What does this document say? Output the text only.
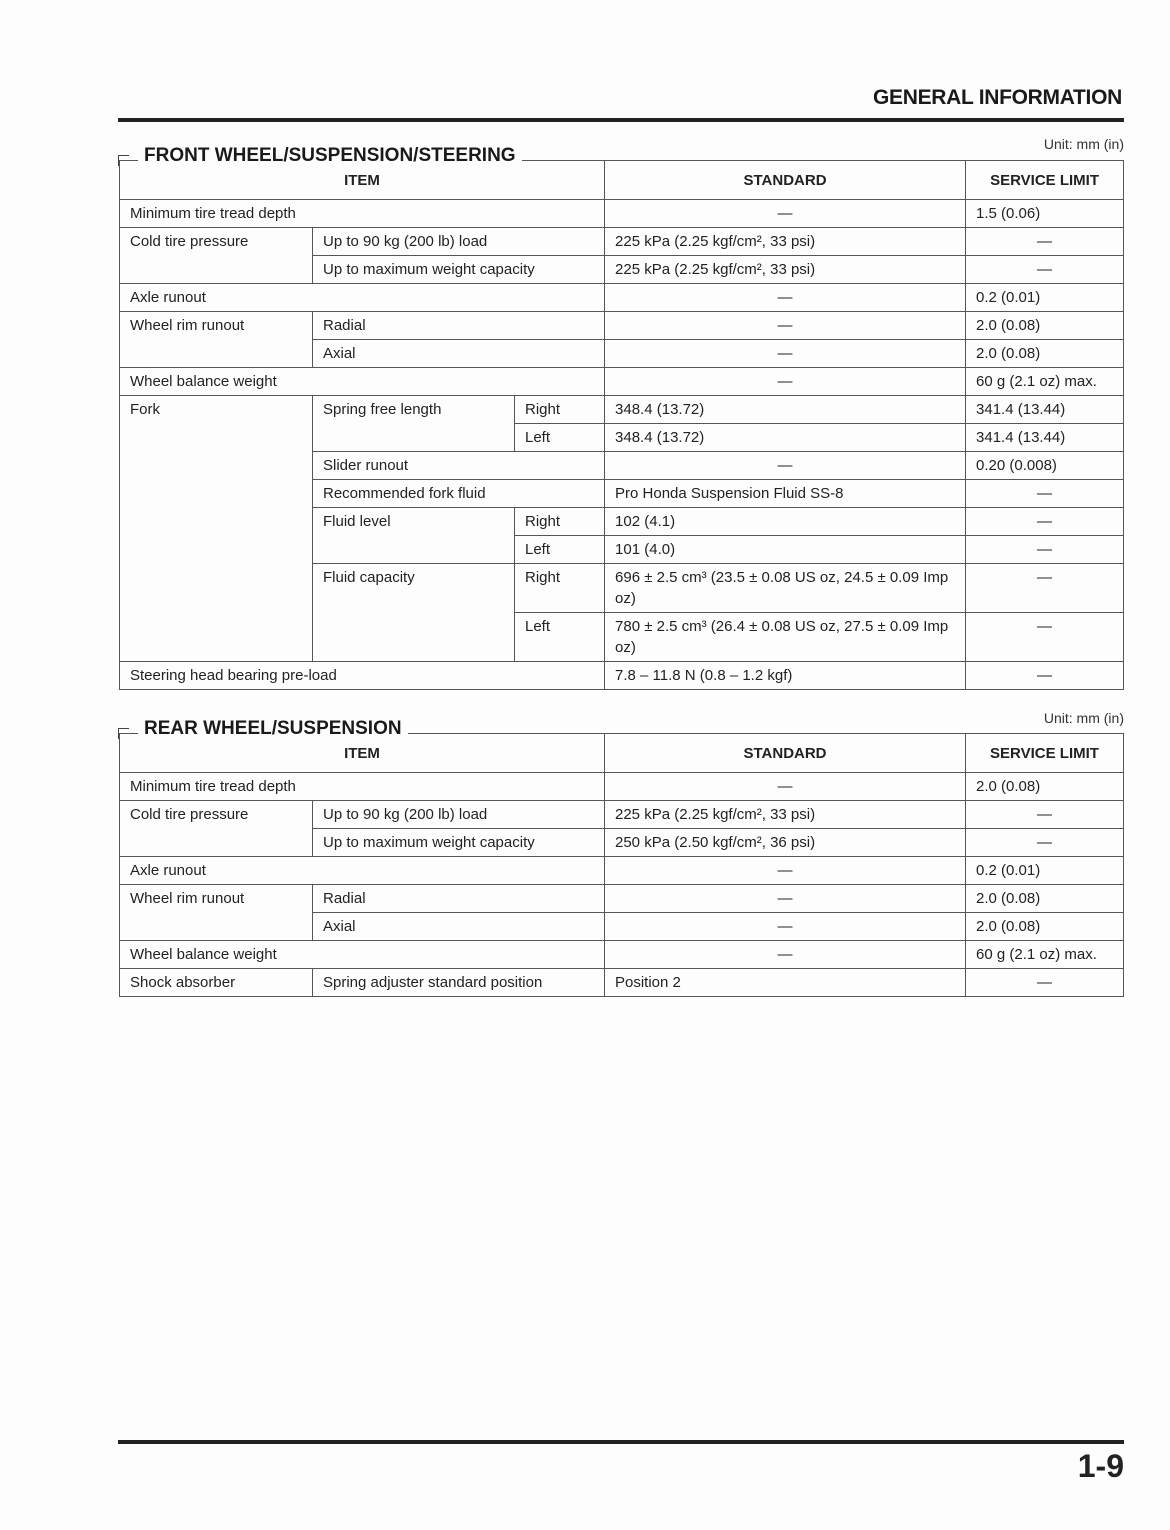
GENERAL INFORMATION
Unit: mm (in)
ITEM			STANDARD	SERVICE LIMIT
Minimum tire tread depth			—	1.5 (0.06)
Cold tire pressure	Up to 90 kg (200 lb) load		225 kPa (2.25 kgf/cm², 33 psi)	—
	Up to maximum weight capacity		225 kPa (2.25 kgf/cm², 33 psi)	—
Axle runout			—	0.2 (0.01)
Wheel rim runout	Radial		—	2.0 (0.08)
	Axial		—	2.0 (0.08)
Wheel balance weight			—	60 g (2.1 oz) max.
Fork	Spring free length	Right	348.4 (13.72)	341.4 (13.44)
		Left	348.4 (13.72)	341.4 (13.44)
	Slider runout		—	0.20 (0.008)
	Recommended fork fluid		Pro Honda Suspension Fluid SS-8	—
	Fluid level	Right	102 (4.1)	—
		Left	101 (4.0)	—
	Fluid capacity	Right	696 ± 2.5 cm³ (23.5 ± 0.08 US oz, 24.5 ± 0.09 Imp oz)	—
		Left	780 ± 2.5 cm³ (26.4 ± 0.08 US oz, 27.5 ± 0.09 Imp oz)	—
Steering head bearing pre-load			7.8 – 11.8 N (0.8 – 1.2 kgf)	—
FRONT WHEEL/SUSPENSION/STEERING
Unit: mm (in)
ITEM		STANDARD	SERVICE LIMIT
Minimum tire tread depth		—	2.0 (0.08)
Cold tire pressure	Up to 90 kg (200 lb) load	225 kPa (2.25 kgf/cm², 33 psi)	—
	Up to maximum weight capacity	250 kPa (2.50 kgf/cm², 36 psi)	—
Axle runout		—	0.2 (0.01)
Wheel rim runout	Radial	—	2.0 (0.08)
	Axial	—	2.0 (0.08)
Wheel balance weight		—	60 g (2.1 oz) max.
Shock absorber	Spring adjuster standard position	Position 2	—
REAR WHEEL/SUSPENSION
1-9
